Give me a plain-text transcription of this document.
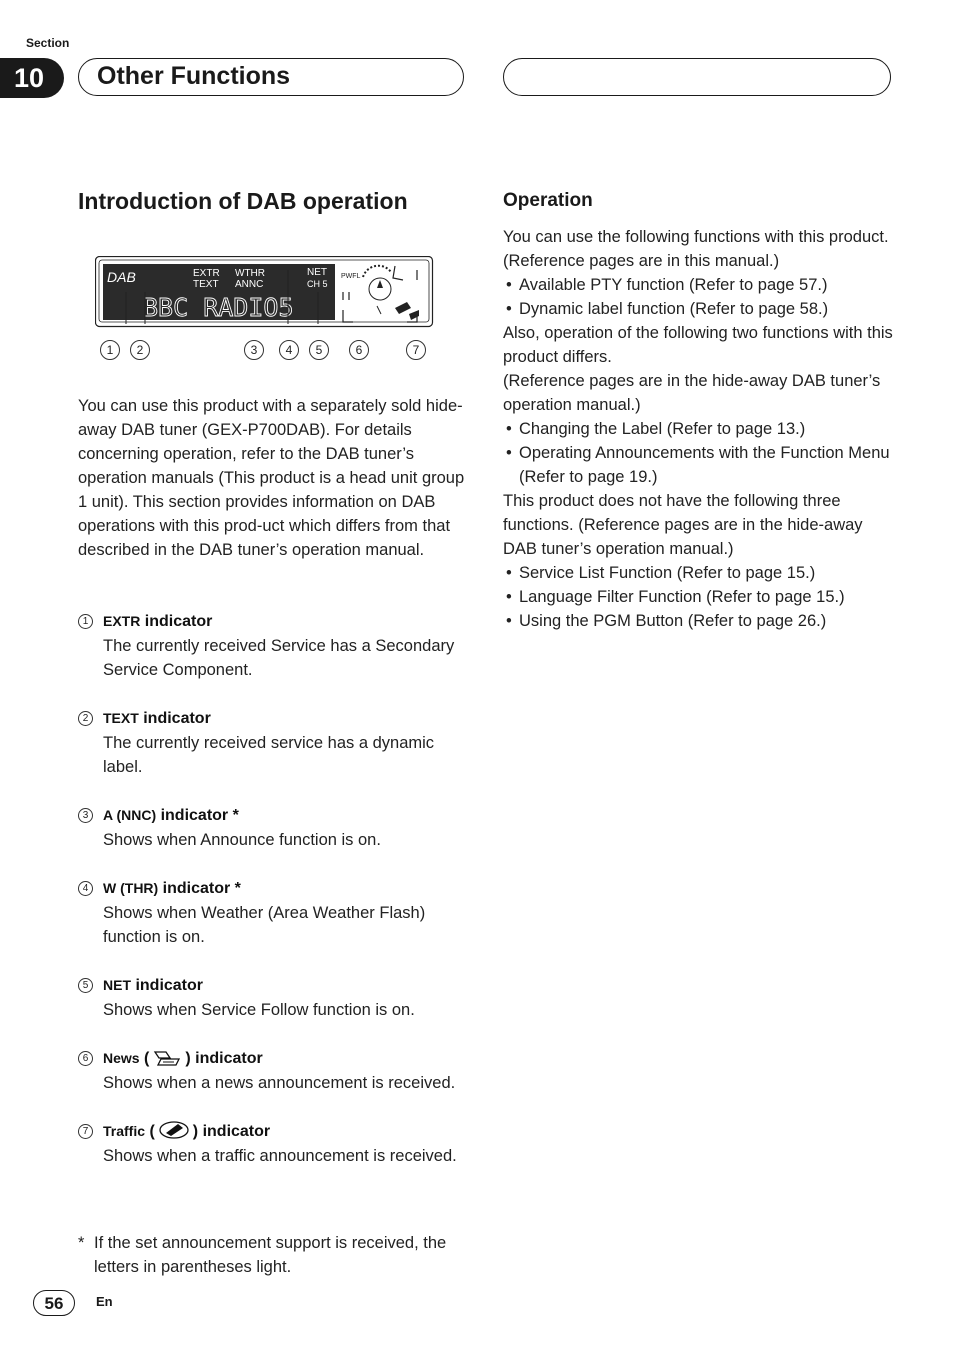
Section
10	Other Functions
Introduction of DAB operation
DAB	EXTR WTHR	NET
TEXT ANNC	CH 5
BBC RADIO5
PWFL
1	2	3	4	5	6	7

You can use this product with a separately sold hide-away DAB tuner (GEX-P700DAB). For details concerning operation, refer to the DAB tuner’s operation manuals (This product is a head unit group 1 unit). This section provides information on DAB operations with this prod-uct which differs from that described in the DAB tuner’s operation manual.

1	EXTR indicator
The currently received Service has a Secondary Service Component.
2	TEXT indicator
The currently received service has a dynamic label.
3	A (NNC) indicator *
Shows when Announce function is on.
4	W (THR) indicator *
Shows when Weather (Area Weather Flash) function is on.
5	NET indicator
Shows when Service Follow function is on.
6	News ( ) indicator
Shows when a news announcement is received.
7	Traffic ( ) indicator
Shows when a traffic announcement is received.
* If the set announcement support is received, the letters in parentheses light.
Operation

You can use the following functions with this product. (Reference pages are in this manual.)

• Available PTY function (Refer to page 57.)
• Dynamic label function (Refer to page 58.)

Also, operation of the following two functions with this product differs.

(Reference pages are in the hide-away DAB tuner’s operation manual.)

• Changing the Label (Refer to page 13.)
• Operating Announcements with the Function Menu (Refer to page 19.)

This product does not have the following three functions. (Reference pages are in the hide-away DAB tuner’s operation manual.)

• Service List Function (Refer to page 15.)
• Language Filter Function (Refer to page 15.)
• Using the PGM Button (Refer to page 26.)
56	En
